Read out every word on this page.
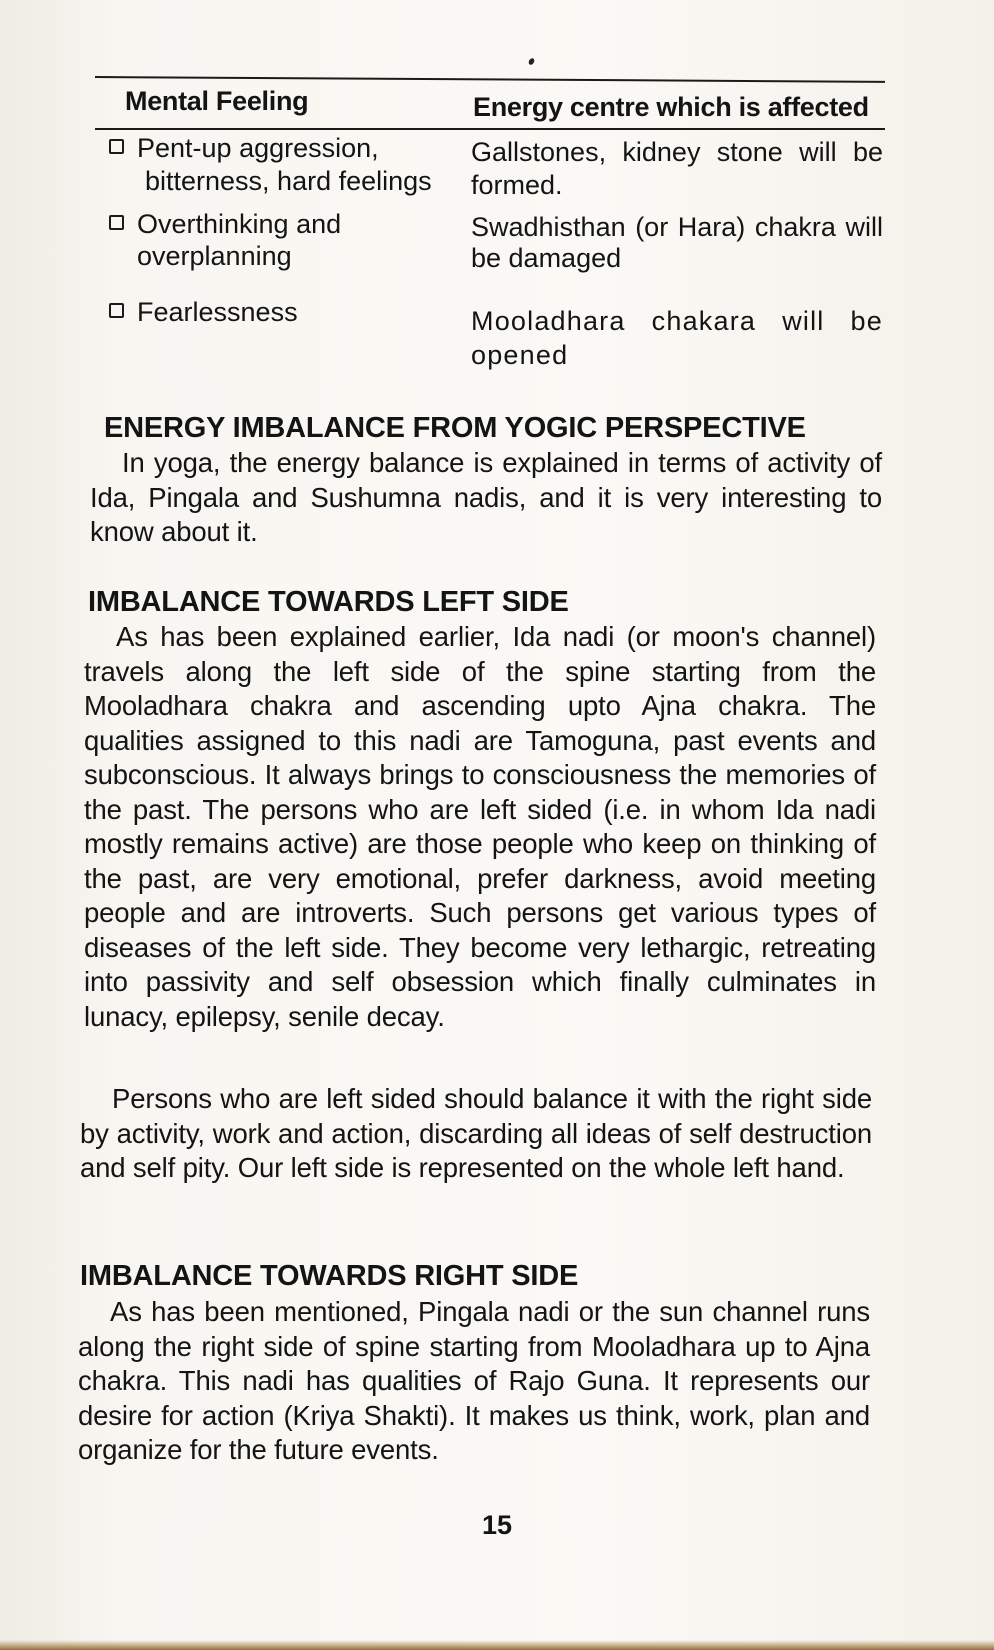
Mental Feeling	Energy centre which is affected
Pent-up aggression,
bitterness, hard feelings
Gallstones, kidney stone will be formed.
Overthinking and
overplanning
Swadhisthan (or Hara) chakra will be damaged
Fearlessness	Mooladhara chakara will be opened
ENERGY IMBALANCE FROM YOGIC PERSPECTIVE

In yoga, the energy balance is explained in terms of activity of Ida, Pingala and Sushumna nadis, and it is very interesting to know about it.

IMBALANCE TOWARDS LEFT SIDE

As has been explained earlier, Ida nadi (or moon's channel) travels along the left side of the spine starting from the Mooladhara chakra and ascending upto Ajna chakra. The qualities assigned to this nadi are Tamoguna, past events and subconscious. It always brings to consciousness the memories of the past. The persons who are left sided (i.e. in whom Ida nadi mostly remains active) are those people who keep on thinking of the past, are very emotional, prefer darkness, avoid meeting people and are introverts. Such persons get various types of diseases of the left side. They become very lethargic, retreating into passivity and self obsession which finally culminates in lunacy, epilepsy, senile decay.

Persons who are left sided should balance it with the right side by activity, work and action, discarding all ideas of self destruction and self pity. Our left side is represented on the whole left hand.

IMBALANCE TOWARDS RIGHT SIDE

As has been mentioned, Pingala nadi or the sun channel runs along the right side of spine starting from Mooladhara up to Ajna chakra. This nadi has qualities of Rajo Guna. It represents our desire for action (Kriya Shakti). It makes us think, work, plan and organize for the future events.

15
